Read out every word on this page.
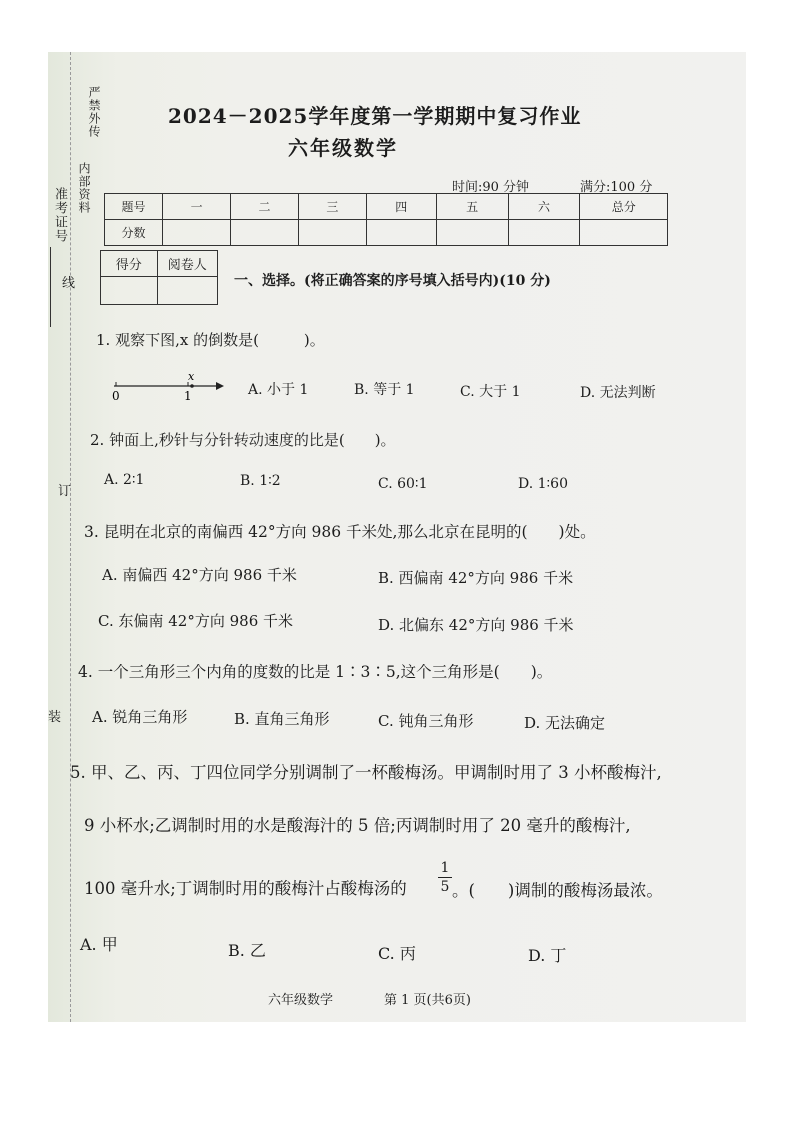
严禁外传
内部资料
准考证号
线
订
装
2024－2025学年度第一学期期中复习作业
六年级数学
时间:90 分钟	满分:100 分
题号	一	二	三	四	五	六	总分
分数							
得分	阅卷人

一、选择。(将正确答案的序号填入括号内)(10 分)
1. 观察下图,x 的倒数是(　　　)。
0	1
x
A. 小于 1	B. 等于 1	C. 大于 1	D. 无法判断
2. 钟面上,秒针与分针转动速度的比是(　　)。
A. 2∶1	B. 1∶2	C. 60∶1	D. 1∶60
3. 昆明在北京的南偏西 42°方向 986 千米处,那么北京在昆明的(　　)处。
A. 南偏西 42°方向 986 千米	B. 西偏南 42°方向 986 千米
C. 东偏南 42°方向 986 千米	D. 北偏东 42°方向 986 千米
4. 一个三角形三个内角的度数的比是 1∶3∶5,这个三角形是(　　)。
A. 锐角三角形	B. 直角三角形	C. 钝角三角形	D. 无法确定
5. 甲、乙、丙、丁四位同学分别调制了一杯酸梅汤。甲调制时用了 3 小杯酸梅汁,
9 小杯水;乙调制时用的水是酸海汁的 5 倍;丙调制时用了 20 毫升的酸梅汁,
100 毫升水;丁调制时用的酸梅汁占酸梅汤的
1
5 。(　　)调制的酸梅汤最浓。
A. 甲	B. 乙	C. 丙	D. 丁
六年级数学	第 1 页(共6页)
